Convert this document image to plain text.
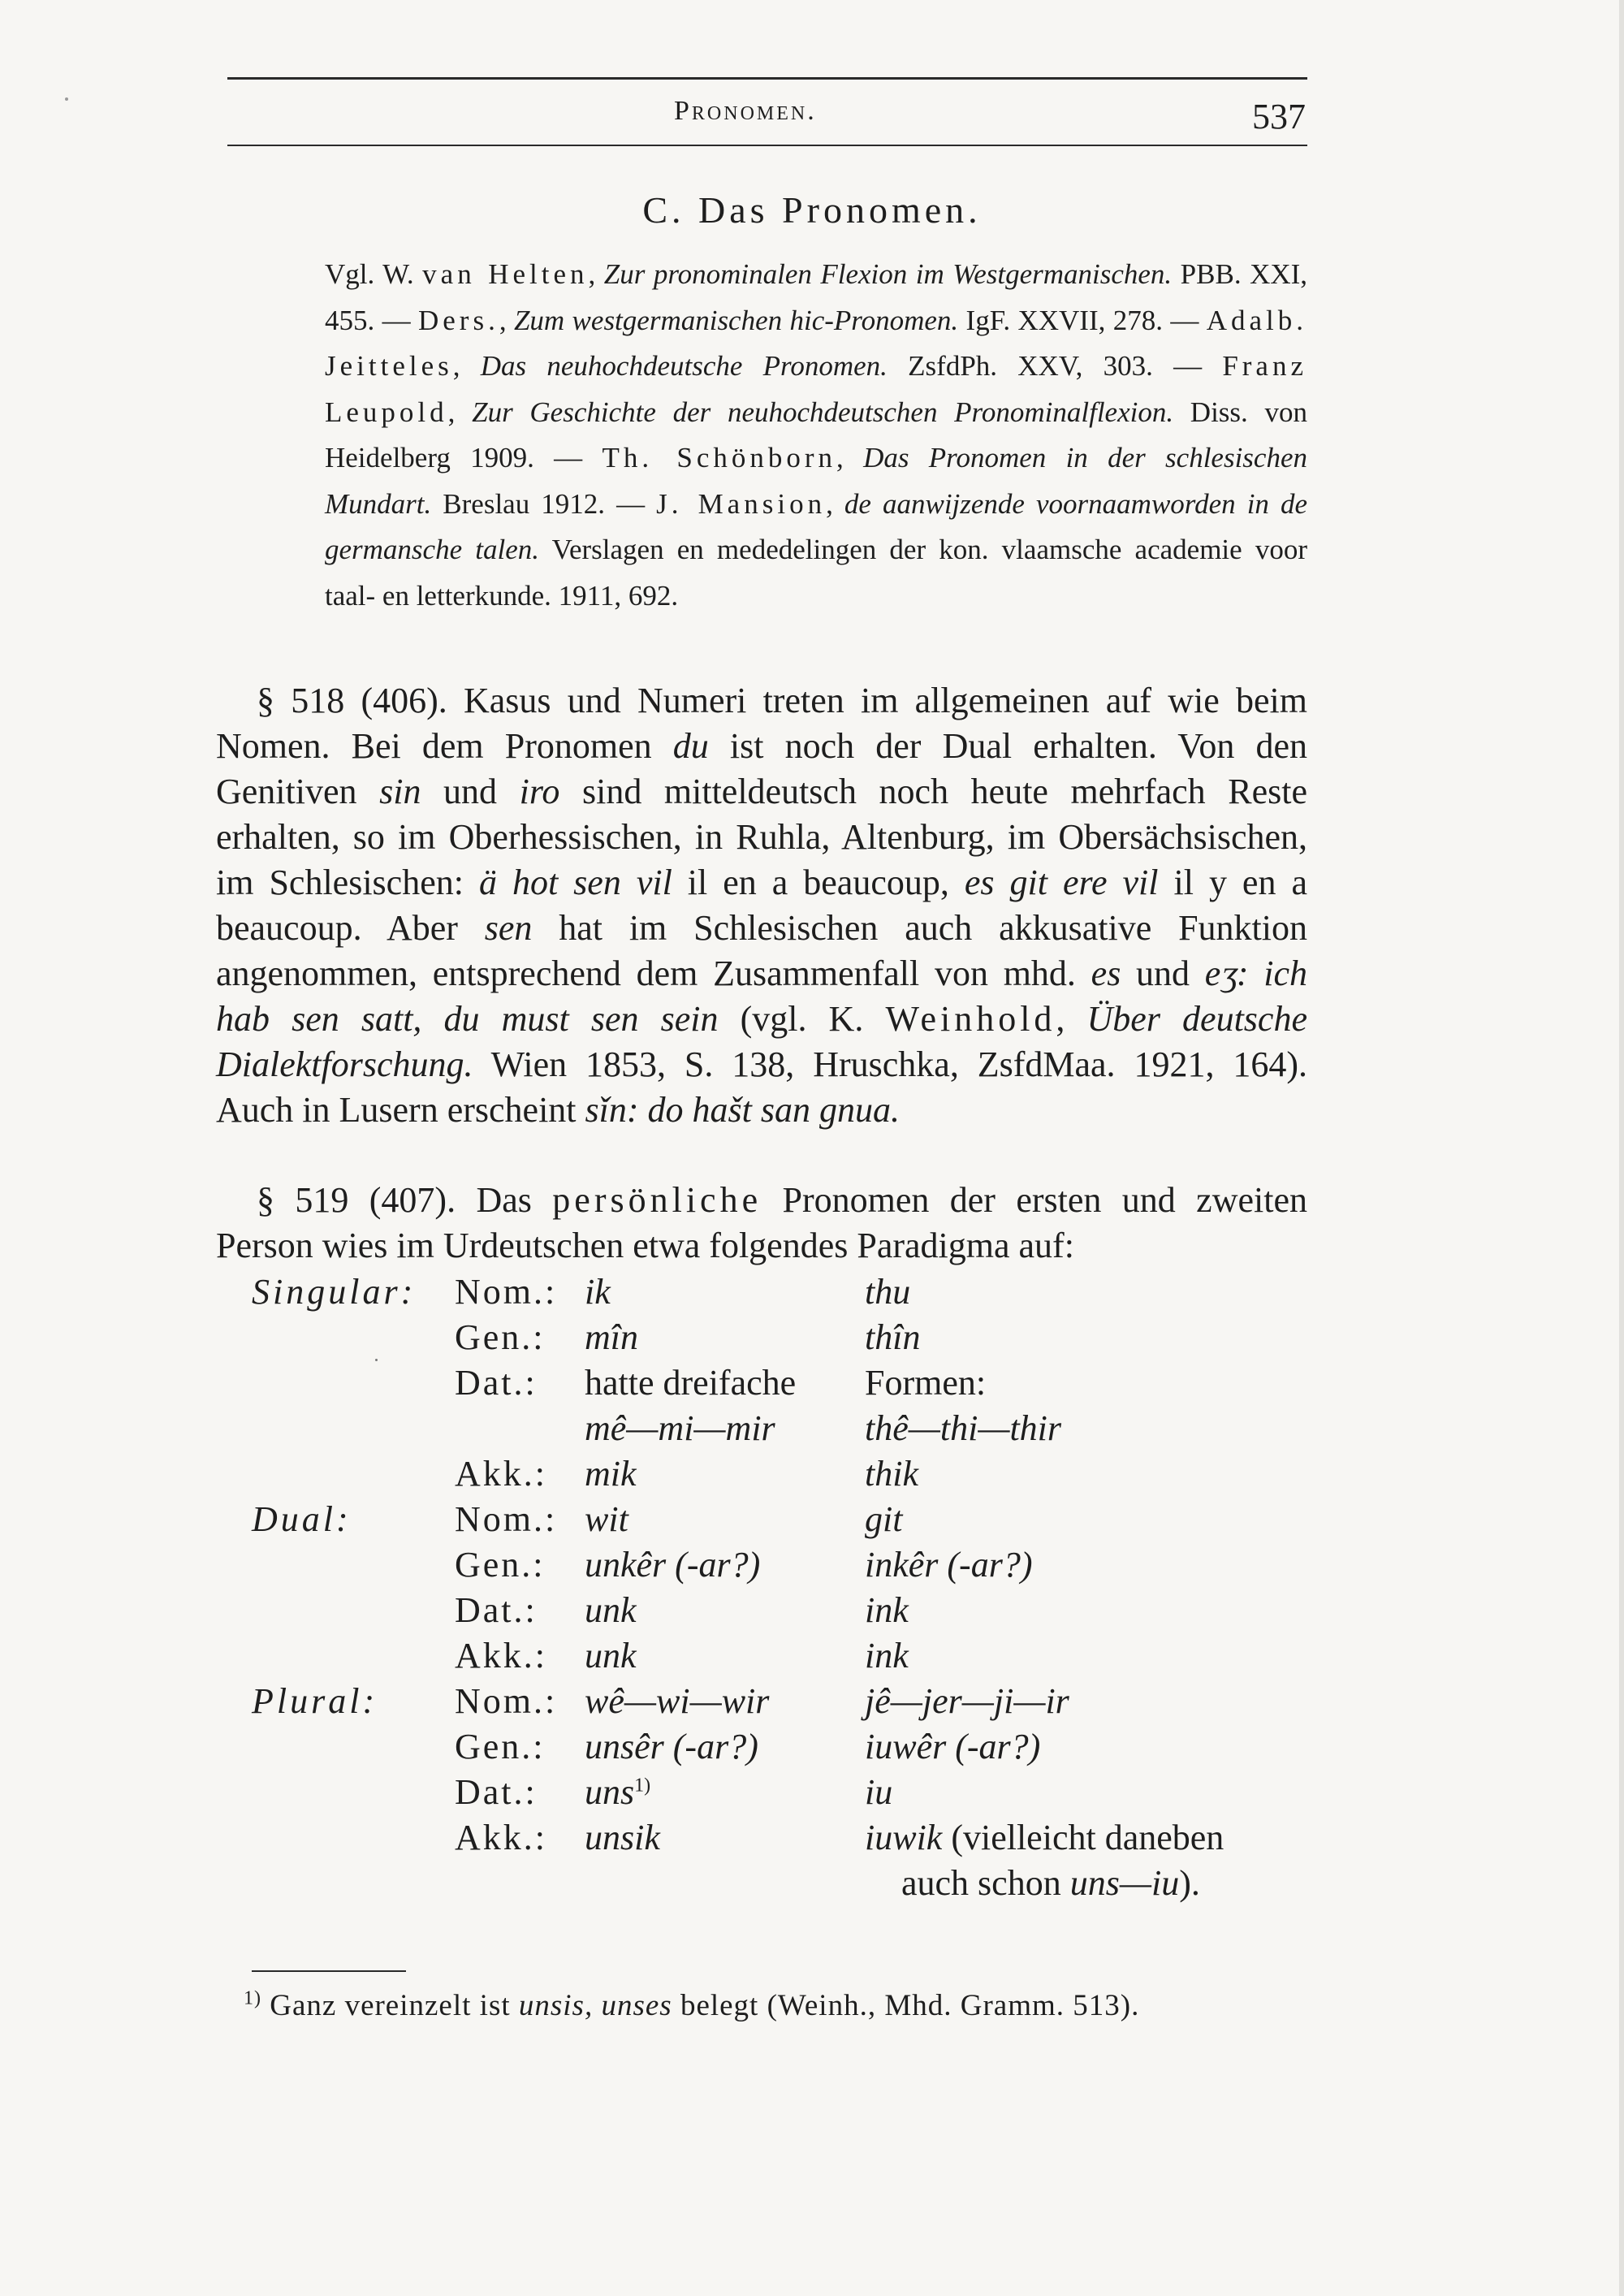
Pronomen.	537
C. Das Pronomen.
Vgl. W. van Helten, Zur pronominalen Flexion im Westgermanischen. PBB. XXI, 455. — Ders., Zum westgermanischen hic-Pronomen. IgF. XXVII, 278. — Adalb. Jeitteles, Das neuhochdeutsche Pronomen. ZsfdPh. XXV, 303. — Franz Leupold, Zur Geschichte der neuhochdeutschen Pronominalflexion. Diss. von Heidelberg 1909. — Th. Schönborn, Das Pronomen in der schlesischen Mundart. Breslau 1912. — J. Mansion, de aanwijzende voornaamworden in de germansche talen. Verslagen en mededelingen der kon. vlaamsche academie voor taal- en letterkunde. 1911, 692.
§ 518 (406). Kasus und Numeri treten im allgemeinen auf wie beim Nomen. Bei dem Pronomen du ist noch der Dual erhalten. Von den Genitiven sin und iro sind mitteldeutsch noch heute mehrfach Reste erhalten, so im Oberhessischen, in Ruhla, Altenburg, im Obersächsischen, im Schlesischen: ä hot sen vil il en a beaucoup, es git ere vil il y en a beaucoup. Aber sen hat im Schlesischen auch akkusative Funktion angenommen, entsprechend dem Zusammenfall von mhd. es und eӡ: ich hab sen satt, du must sen sein (vgl. K. Weinhold, Über deutsche Dialektforschung. Wien 1853, S. 138, Hruschka, ZsfdMaa. 1921, 164). Auch in Lusern erscheint sǐn: do hašt san gnua.
§ 519 (407). Das persönliche Pronomen der ersten und zweiten Person wies im Urdeutschen etwa folgendes Paradigma auf:
Singular:	Nom.:	ik	thu
	Gen.:	mîn	thîn
	Dat.:	hatte dreifache	Formen:
		mê—mi—mir	thê—thi—thir
	Akk.:	mik	thik
Dual:	Nom.:	wit	git
	Gen.:	unkêr (-ar?)	inkêr (-ar?)
	Dat.:	unk	ink
	Akk.:	unk	ink
Plural:	Nom.:	wê—wi—wir	jê—jer—ji—ir
	Gen.:	unsêr (-ar?)	iuwêr (-ar?)
	Dat.:	uns$^{1)}$	iu
	Akk.:	unsik	iuwik (vielleicht daneben
			auch schon uns—iu).
$^{1)}$ Ganz vereinzelt ist unsis, unses belegt (Weinh., Mhd. Gramm. 513).
